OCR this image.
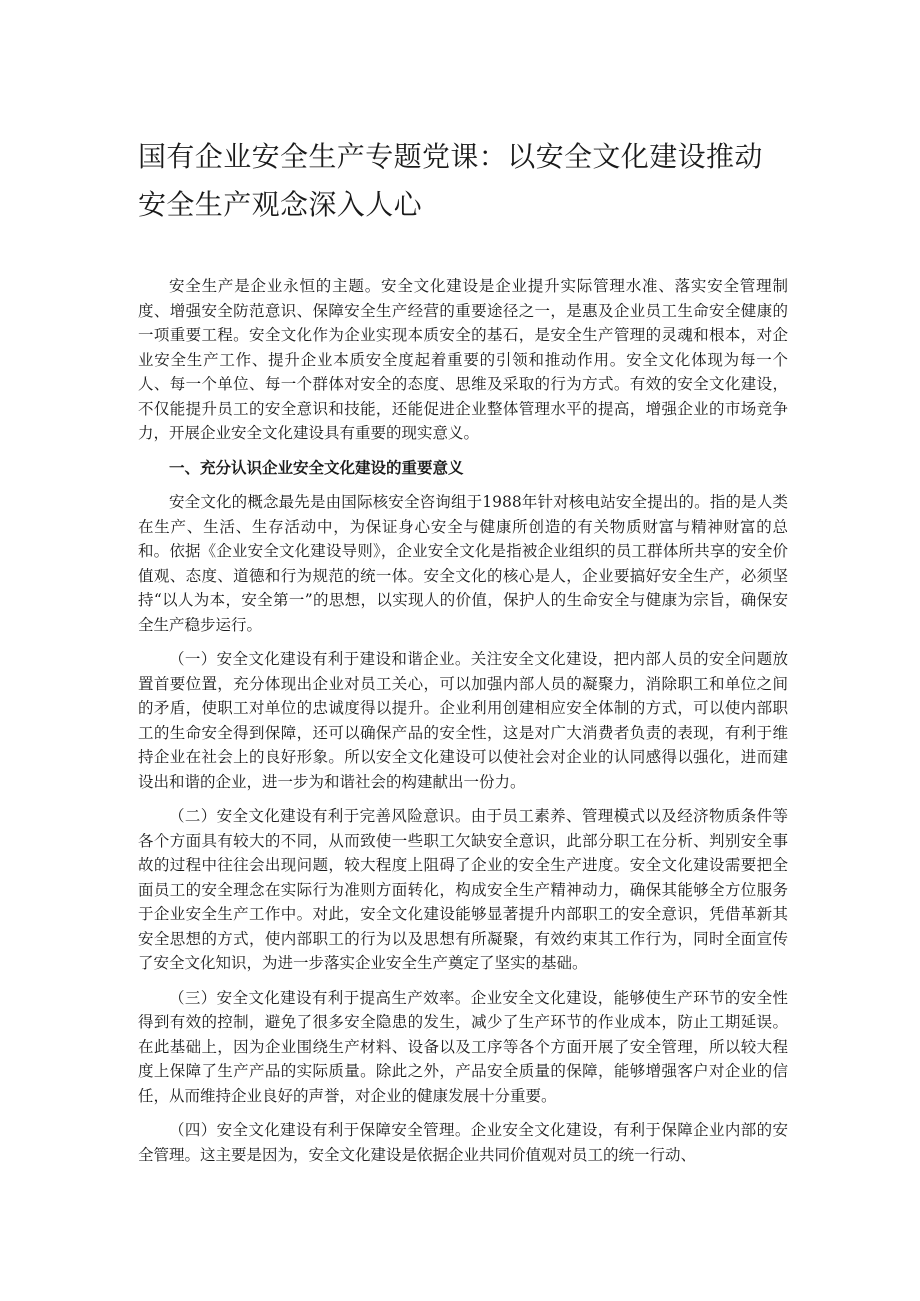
国有企业安全生产专题党课：以安全文化建设推动安全生产观念深入人心

安全生产是企业永恒的主题。安全文化建设是企业提升实际管理水准、落实安全管理制度、增强安全防范意识、保障安全生产经营的重要途径之一，是惠及企业员工生命安全健康的一项重要工程。安全文化作为企业实现本质安全的基石，是安全生产管理的灵魂和根本，对企业安全生产工作、提升企业本质安全度起着重要的引领和推动作用。安全文化体现为每一个人、每一个单位、每一个群体对安全的态度、思维及采取的行为方式。有效的安全文化建设，不仅能提升员工的安全意识和技能，还能促进企业整体管理水平的提高，增强企业的市场竞争力，开展企业安全文化建设具有重要的现实意义。

一、充分认识企业安全文化建设的重要意义

安全文化的概念最先是由国际核安全咨询组于1988年针对核电站安全提出的。指的是人类在生产、生活、生存活动中，为保证身心安全与健康所创造的有关物质财富与精神财富的总和。依据《企业安全文化建设导则》，企业安全文化是指被企业组织的员工群体所共享的安全价值观、态度、道德和行为规范的统一体。安全文化的核心是人，企业要搞好安全生产，必须坚持“以人为本，安全第一”的思想，以实现人的价值，保护人的生命安全与健康为宗旨，确保安全生产稳步运行。

（一）安全文化建设有利于建设和谐企业。关注安全文化建设，把内部人员的安全问题放置首要位置，充分体现出企业对员工关心，可以加强内部人员的凝聚力，消除职工和单位之间的矛盾，使职工对单位的忠诚度得以提升。企业利用创建相应安全体制的方式，可以使内部职工的生命安全得到保障，还可以确保产品的安全性，这是对广大消费者负责的表现，有利于维持企业在社会上的良好形象。所以安全文化建设可以使社会对企业的认同感得以强化，进而建设出和谐的企业，进一步为和谐社会的构建献出一份力。

（二）安全文化建设有利于完善风险意识。由于员工素养、管理模式以及经济物质条件等各个方面具有较大的不同，从而致使一些职工欠缺安全意识，此部分职工在分析、判别安全事故的过程中往往会出现问题，较大程度上阻碍了企业的安全生产进度。安全文化建设需要把全面员工的安全理念在实际行为准则方面转化，构成安全生产精神动力，确保其能够全方位服务于企业安全生产工作中。对此，安全文化建设能够显著提升内部职工的安全意识，凭借革新其安全思想的方式，使内部职工的行为以及思想有所凝聚，有效约束其工作行为，同时全面宣传了安全文化知识，为进一步落实企业安全生产奠定了坚实的基础。

（三）安全文化建设有利于提高生产效率。企业安全文化建设，能够使生产环节的安全性得到有效的控制，避免了很多安全隐患的发生，减少了生产环节的作业成本，防止工期延误。在此基础上，因为企业围绕生产材料、设备以及工序等各个方面开展了安全管理，所以较大程度上保障了生产产品的实际质量。除此之外，产品安全质量的保障，能够增强客户对企业的信任，从而维持企业良好的声誉，对企业的健康发展十分重要。

（四）安全文化建设有利于保障安全管理。企业安全文化建设，有利于保障企业内部的安全管理。这主要是因为，安全文化建设是依据企业共同价值观对员工的统一行动、
